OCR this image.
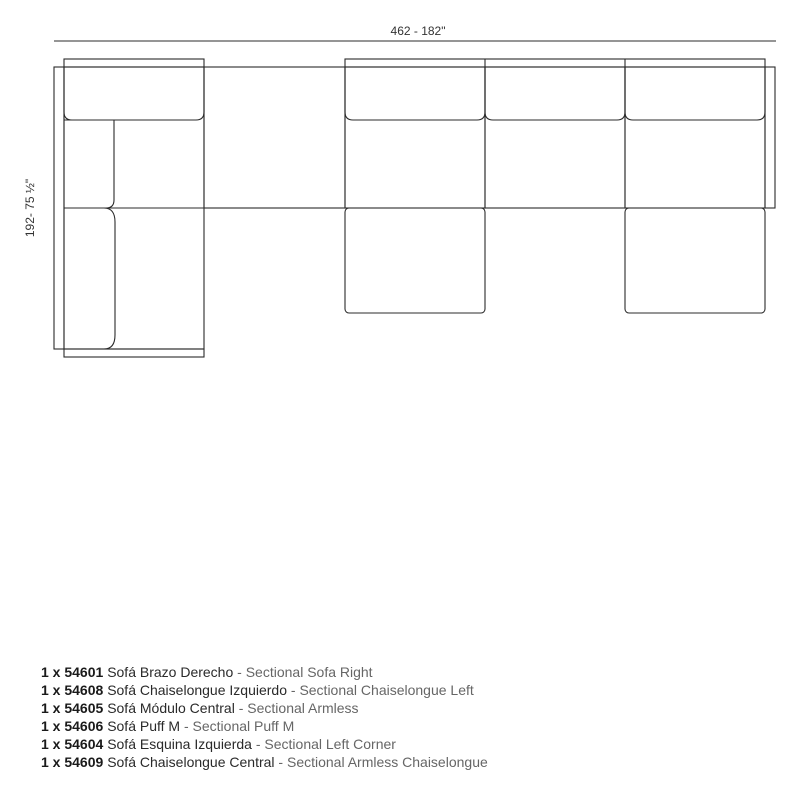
462 - 182"
192- 75 ½"
1 x 54601 Sofá Brazo Derecho - Sectional Sofa Right
1 x 54608 Sofá Chaiselongue Izquierdo - Sectional Chaiselongue Left
1 x 54605 Sofá Módulo Central - Sectional Armless
1 x 54606 Sofá Puff M - Sectional Puff M
1 x 54604 Sofá Esquina Izquierda - Sectional Left Corner
1 x 54609 Sofá Chaiselongue Central - Sectional Armless Chaiselongue
